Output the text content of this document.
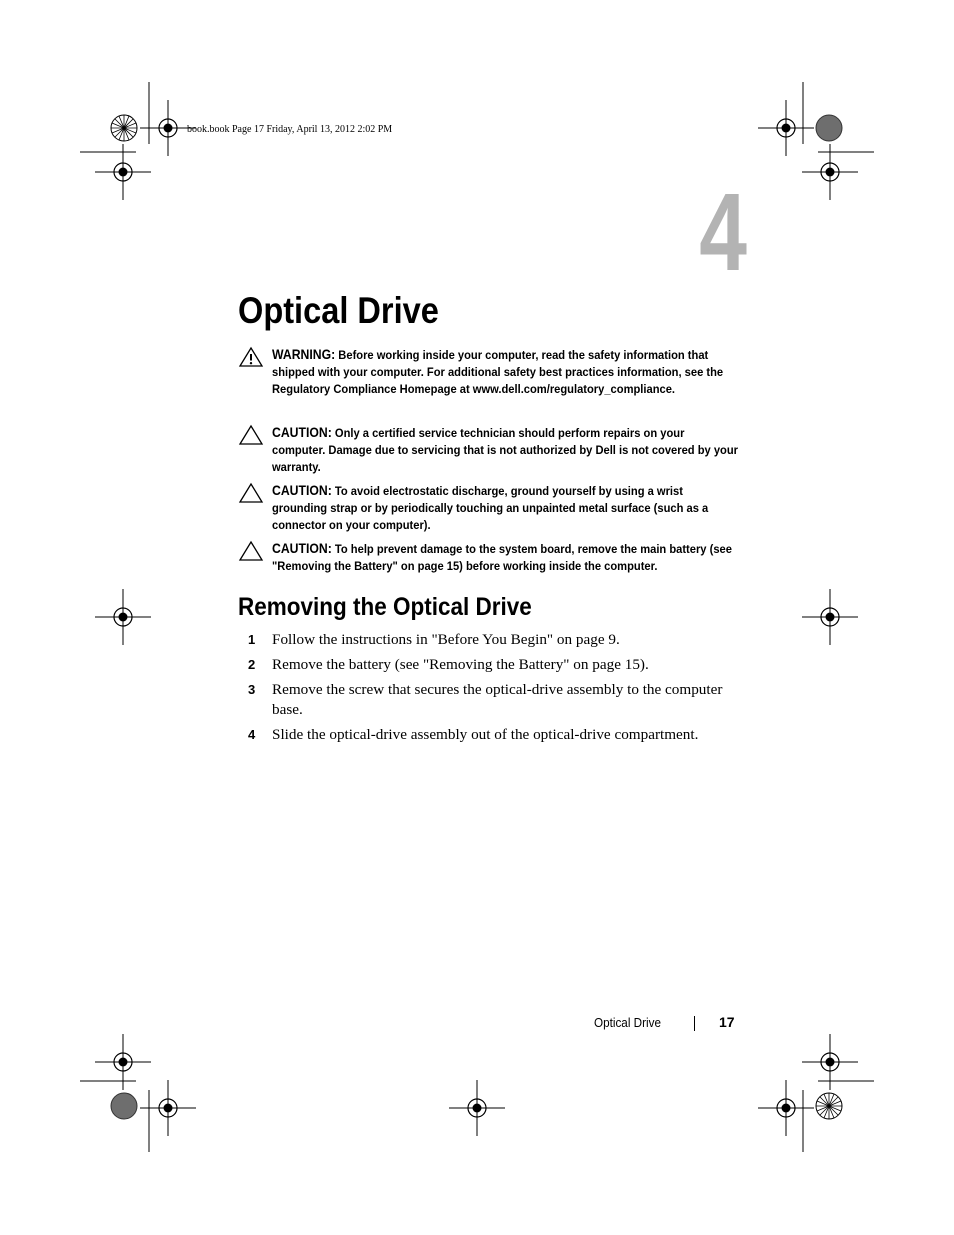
book.book Page 17 Friday, April 13, 2012 2:02 PM
4
Optical Drive
WARNING: Before working inside your computer, read the safety information that shipped with your computer. For additional safety best practices information, see the Regulatory Compliance Homepage at www.dell.com/regulatory_compliance.
CAUTION: Only a certified service technician should perform repairs on your computer. Damage due to servicing that is not authorized by Dell is not covered by your warranty.
CAUTION: To avoid electrostatic discharge, ground yourself by using a wrist grounding strap or by periodically touching an unpainted metal surface (such as a connector on your computer).
CAUTION: To help prevent damage to the system board, remove the main battery (see "Removing the Battery" on page 15) before working inside the computer.
Removing the Optical Drive
1 Follow the instructions in "Before You Begin" on page 9.
2 Remove the battery (see "Removing the Battery" on page 15).
3 Remove the screw that secures the optical-drive assembly to the computer base.
4 Slide the optical-drive assembly out of the optical-drive compartment.
Optical Drive	17
